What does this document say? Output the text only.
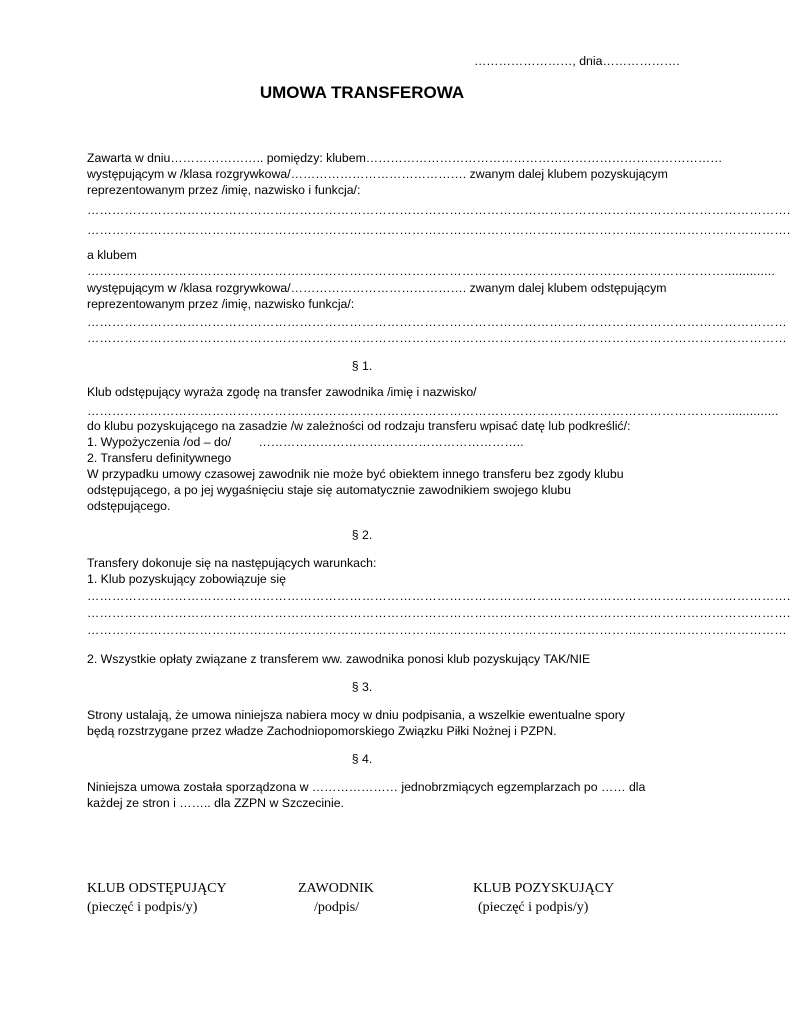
……………………, dnia……………….
UMOWA TRANSFEROWA
Zawarta w dniu………………….. pomiędzy: klubem……………………………………………………………………………
występującym w /klasa rozgrywkowa/……………………………………. zwanym dalej klubem pozyskującym
reprezentowanym przez /imię, nazwisko i funkcja/:
…………………………………………………………………………………………………………………………………………………….
…………………………………………………………………………………………………………………………………………………….
a klubem
………………………………………………………………………………………………………………………………………..............
występującym w /klasa rozgrywkowa/……………………………………. zwanym dalej klubem odstępującym
reprezentowanym przez /imię, nazwisko funkcja/:
……………………………………………………………………………………………………………………………………………………
……………………………………………………………………………………………………………………………………………………
§ 1.
Klub odstępujący wyraża zgodę na transfer zawodnika /imię i nazwisko/
………………………………………………………………………………………………………………………………………...............
do klubu pozyskującego na zasadzie /w zależności od rodzaju transferu wpisać datę lub podkreślić/:
1. Wypożyczenia /od – do/        ………………………………………………………..
2. Transferu definitywnego
W przypadku umowy czasowej zawodnik nie może być obiektem innego transferu bez zgody klubu
odstępującego, a po jej wygaśnięciu staje się automatycznie zawodnikiem swojego klubu
odstępującego.
§ 2.
Transfery dokonuje się na następujących warunkach:
1. Klub pozyskujący zobowiązuje się
…………………………………………………………………………………………………………………………………………………….
…………………………………………………………………………………………………………………………………………………….
……………………………………………………………………………………………………………………………………………………
2. Wszystkie opłaty związane z transferem ww. zawodnika ponosi klub pozyskujący TAK/NIE
§ 3.
Strony ustalają, że umowa niniejsza nabiera mocy w dniu podpisania, a wszelkie ewentualne spory
będą rozstrzygane przez władze Zachodniopomorskiego Związku Piłki Nożnej i PZPN.
§ 4.
Niniejsza umowa została sporządzona w ………………… jednobrzmiących egzemplarzach po …… dla
każdej ze stron i …….. dla ZZPN w Szczecinie.
KLUB ODSTĘPUJĄCY
(pieczęć i podpis/y)
ZAWODNIK
/podpis/
KLUB POZYSKUJĄCY
(pieczęć i podpis/y)
